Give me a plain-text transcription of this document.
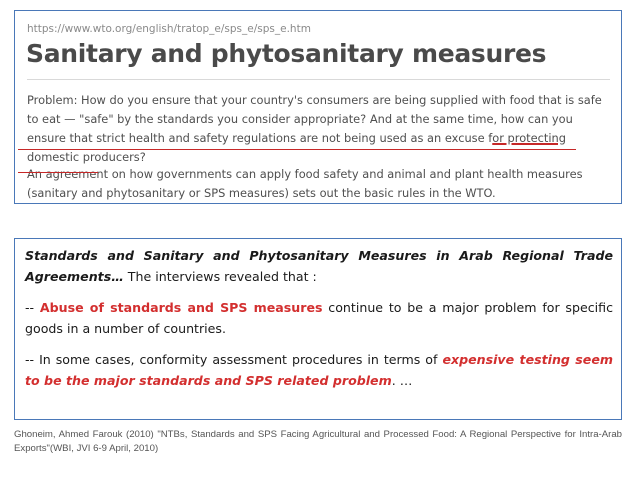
https://www.wto.org/english/tratop_e/sps_e/sps_e.htm
Sanitary and phytosanitary measures
Problem: How do you ensure that your country's consumers are being supplied with food that is safe
to eat — "safe" by the standards you consider appropriate? And at the same time, how can you
ensure that strict health and safety regulations are not being used as an excuse for protecting
domestic producers?
An agreement on how governments can apply food safety and animal and plant health measures
(sanitary and phytosanitary or SPS measures) sets out the basic rules in the WTO.

Standards and Sanitary and Phytosanitary Measures in Arab Regional Trade Agreements… The interviews revealed that :

-- Abuse of standards and SPS measures continue to be a major problem for specific goods in a number of countries.

-- In some cases, conformity assessment procedures in terms of expensive testing seem to be the major standards and SPS related problem. …

Ghoneim, Ahmed Farouk (2010) "NTBs, Standards and SPS Facing Agricultural and Processed Food: A Regional Perspective for Intra-Arab Exports"(WBI, JVI 6-9 April, 2010)
